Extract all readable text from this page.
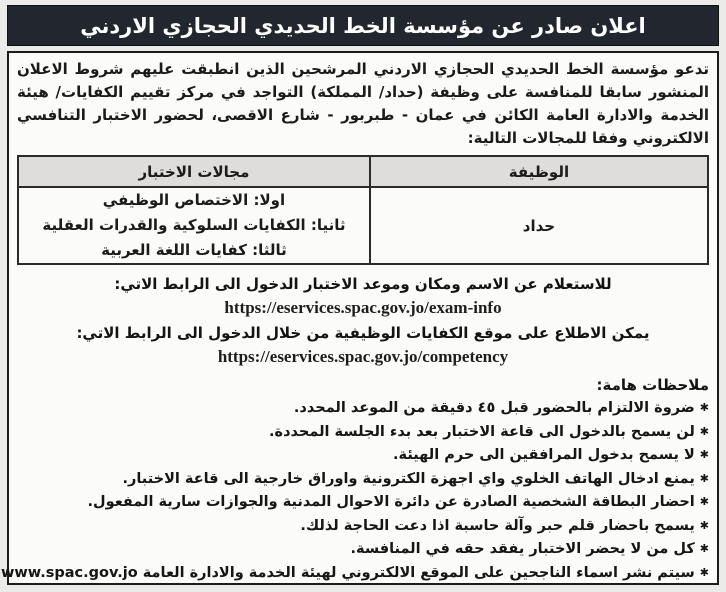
اعلان صادر عن مؤسسة الخط الحديدي الحجازي الاردني

تدعو مؤسسة الخط الحديدي الحجازي الاردني المرشحين الذين انطبقت عليهم شروط الاعلان المنشور سابقا للمنافسة على وظيفة (حداد/ المملكة) التواجد في مركز تقييم الكفايات/ هيئة الخدمة والادارة العامة الكائن في عمان - طبربور - شارع الاقصى، لحضور الاختبار التنافسي الالكتروني وفقا للمجالات التالية:

الوظيفة	مجالات الاختبار
حداد	اولا: الاختصاص الوظيفي
ثانيا: الكفايات السلوكية والقدرات العقلية
ثالثا: كفايات اللغة العربية
للاستعلام عن الاسم ومكان وموعد الاختبار الدخول الى الرابط الاتي:
https://eservices.spac.gov.jo/exam-info
يمكن الاطلاع على موقع الكفايات الوظيفية من خلال الدخول الى الرابط الاتي:
https://eservices.spac.gov.jo/competency
ملاحظات هامة:
✱ضروة الالتزام بالحضور قبل ٤٥ دقيقة من الموعد المحدد.
✱لن يسمح بالدخول الى قاعة الاختبار بعد بدء الجلسة المحددة.
✱لا يسمح بدخول المرافقين الى حرم الهيئة.
✱يمنع ادخال الهاتف الخلوي واي اجهزة الكترونية واوراق خارجية الى قاعة الاختبار.
✱احضار البطاقة الشخصية الصادرة عن دائرة الاحوال المدنية والجوازات سارية المفعول.
✱يسمح باحضار قلم حبر وآلة حاسبة اذا دعت الحاجة لذلك.
✱كل من لا يحضر الاختبار يفقد حقه في المنافسة.
✱سيتم نشر اسماء الناجحين على الموقع الالكتروني لهيئة الخدمة والادارة العامة www.spac.gov.jo
